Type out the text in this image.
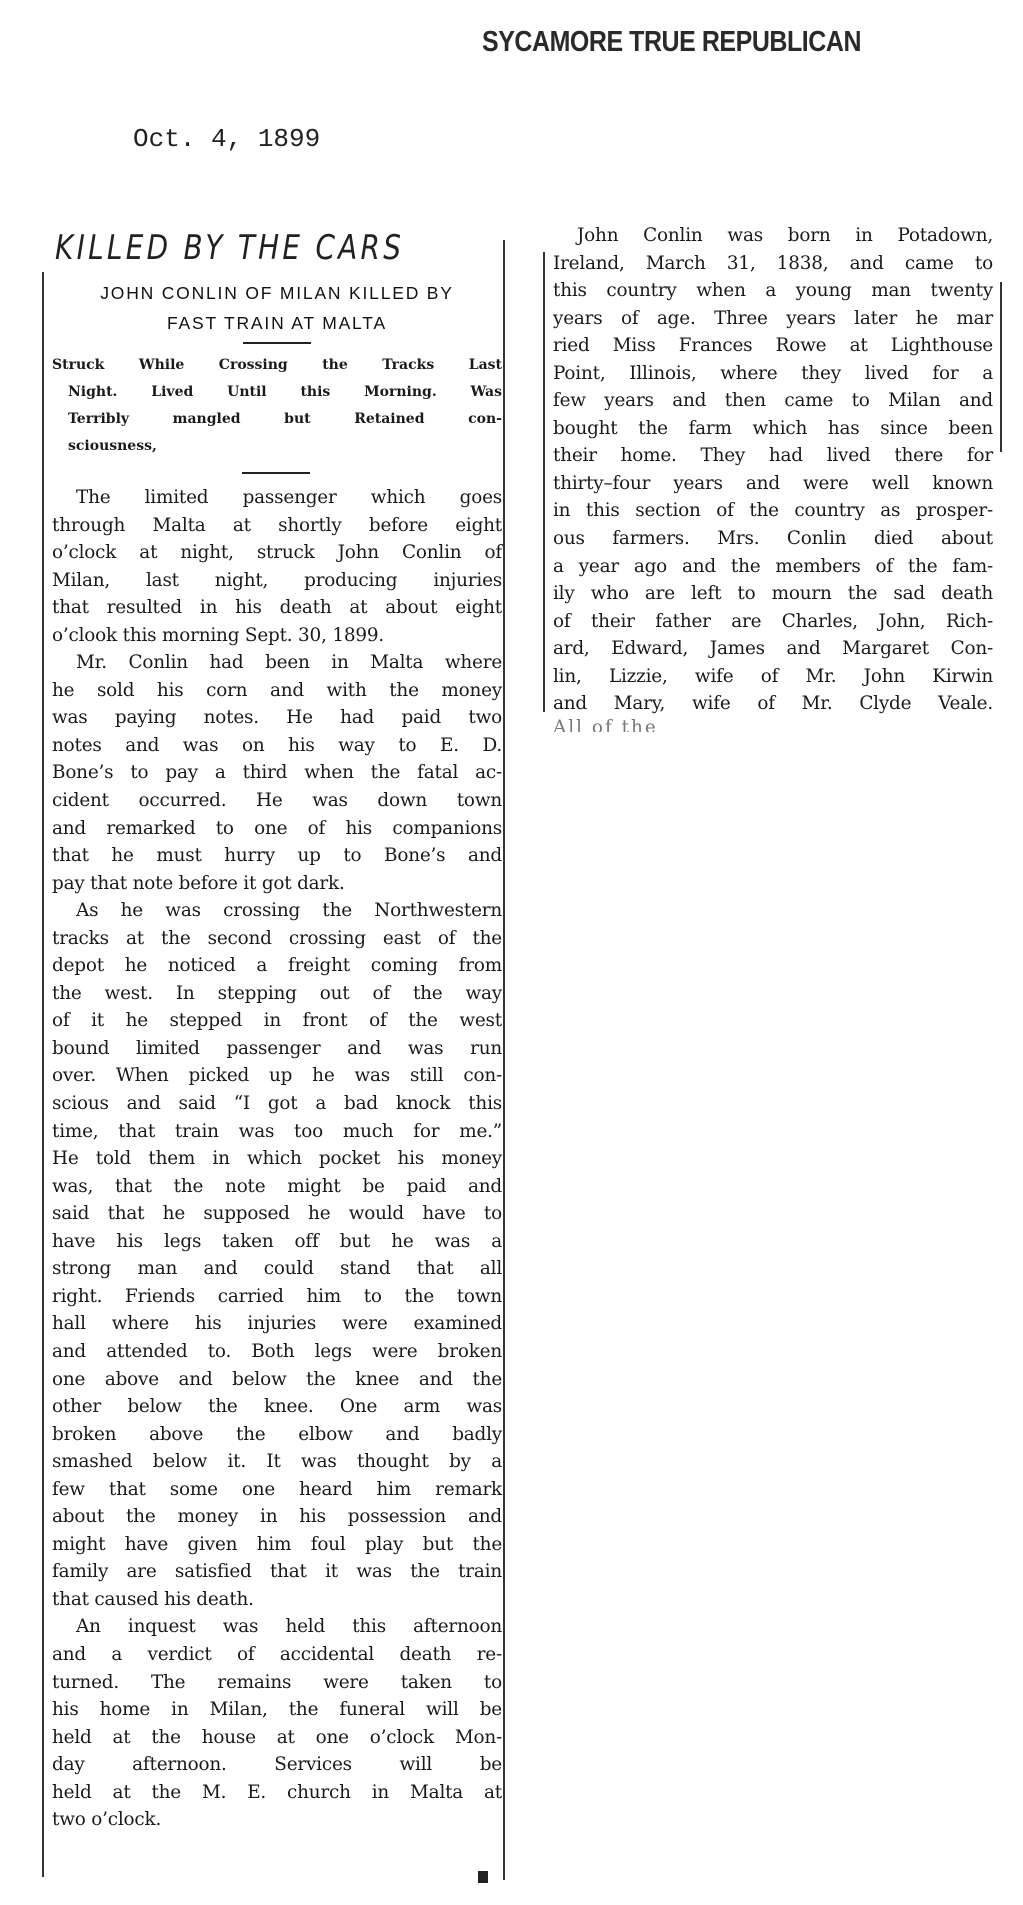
SYCAMORE TRUE REPUBLICAN
Oct. 4, 1899
KILLED BY THE CARS

JOHN CONLIN OF MILAN KILLED BY

FAST TRAIN AT MALTA

Struck While Crossing the Tracks Last
Night. Lived Until this Morning. Was
Terribly mangled but Retained con-
sciousness,
The limited passenger which goes
through Malta at shortly before eight
o’clock at night, struck John Conlin of
Milan, last night, producing injuries
that resulted in his death at about eight
o’clook this morning Sept. 30, 1899.
Mr. Conlin had been in Malta where
he sold his corn and with the money
was paying notes. He had paid two
notes and was on his way to E. D.
Bone’s to pay a third when the fatal ac-
cident occurred. He was down town
and remarked to one of his companions
that he must hurry up to Bone’s and
pay that note before it got dark.
As he was crossing the Northwestern
tracks at the second crossing east of the
depot he noticed a freight coming from
the west. In stepping out of the way
of it he stepped in front of the west
bound limited passenger and was run
over. When picked up he was still con-
scious and said “I got a bad knock this
time, that train was too much for me.”
He told them in which pocket his money
was, that the note might be paid and
said that he supposed he would have to
have his legs taken off but he was a
strong man and could stand that all
right. Friends carried him to the town
hall where his injuries were examined
and attended to. Both legs were broken
one above and below the knee and the
other below the knee. One arm was
broken above the elbow and badly
smashed below it. It was thought by a
few that some one heard him remark
about the money in his possession and
might have given him foul play but the
family are satisfied that it was the train
that caused his death.
An inquest was held this afternoon
and a verdict of accidental death re-
turned. The remains were taken to
his home in Milan, the funeral will be
held at the house at one o’clock Mon-
day afternoon. Services will be
held at the M. E. church in Malta at
two o’clock.
John Conlin was born in Potadown,
Ireland, March 31, 1838, and came to
this country when a young man twenty
years of age. Three years later he mar
ried Miss Frances Rowe at Lighthouse
Point, Illinois, where they lived for a
few years and then came to Milan and
bought the farm which has since been
their home. They had lived there for
thirty–four years and were well known
in this section of the country as prosper-
ous farmers. Mrs. Conlin died about
a year ago and the members of the fam-
ily who are left to mourn the sad death
of their father are Charles, John, Rich-
ard, Edward, James and Margaret Con-
lin, Lizzie, wife of Mr. John Kirwin
and Mary, wife of Mr. Clyde Veale.
All of the
